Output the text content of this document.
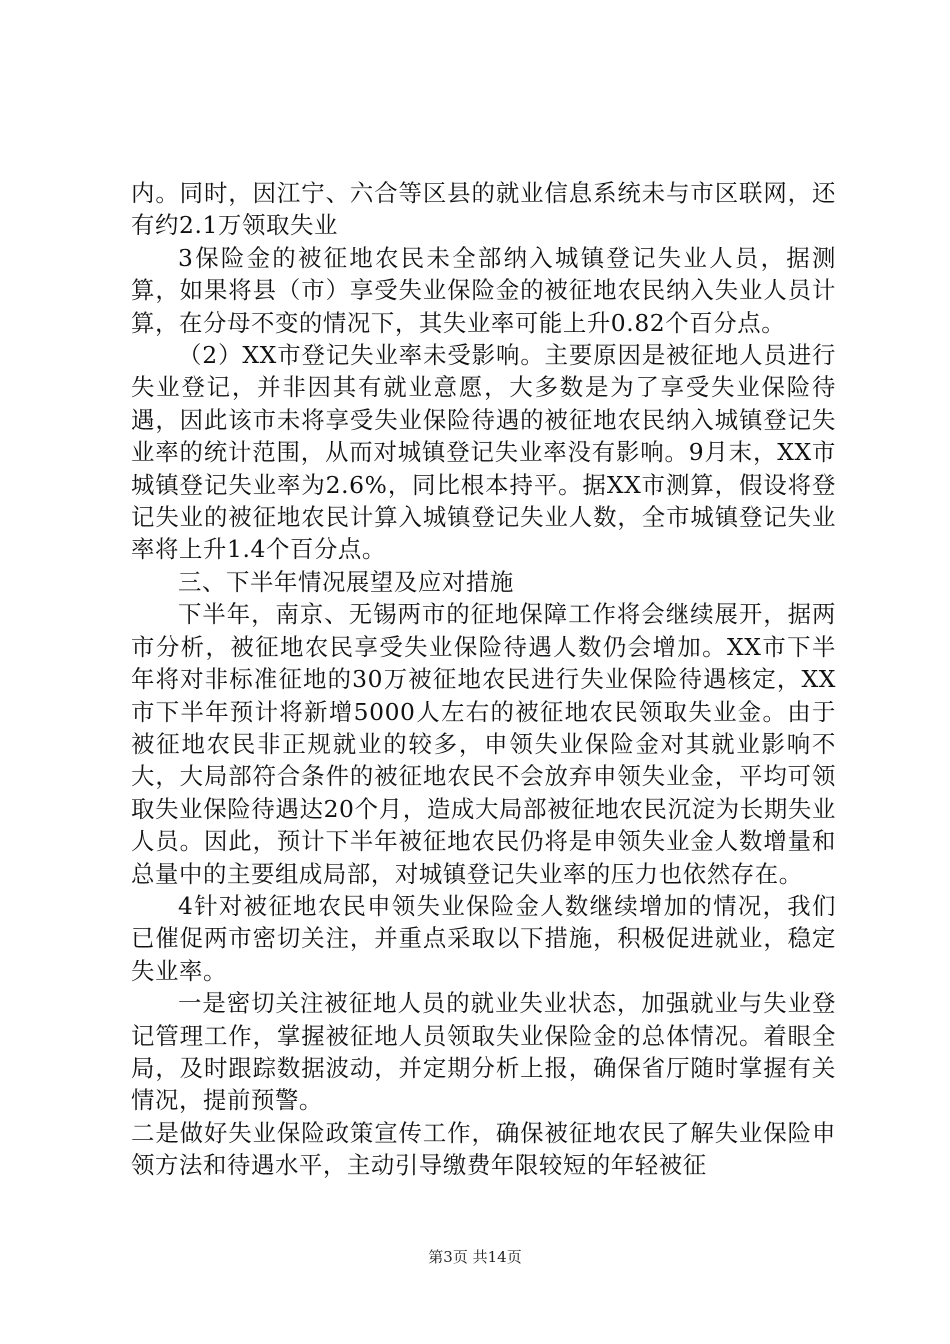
内。同时，因江宁、六合等区县的就业信息系统未与市区联网，还有约2.1万领取失业

3保险金的被征地农民未全部纳入城镇登记失业人员，据测算，如果将县（市）享受失业保险金的被征地农民纳入失业人员计算，在分母不变的情况下，其失业率可能上升0.82个百分点。

（2）XX市登记失业率未受影响。主要原因是被征地人员进行失业登记，并非因其有就业意愿，大多数是为了享受失业保险待遇，因此该市未将享受失业保险待遇的被征地农民纳入城镇登记失业率的统计范围，从而对城镇登记失业率没有影响。9月末，XX市城镇登记失业率为2.6%，同比根本持平。据XX市测算，假设将登记失业的被征地农民计算入城镇登记失业人数，全市城镇登记失业率将上升1.4个百分点。

三、下半年情况展望及应对措施

下半年，南京、无锡两市的征地保障工作将会继续展开，据两市分析，被征地农民享受失业保险待遇人数仍会增加。XX市下半年将对非标准征地的30万被征地农民进行失业保险待遇核定，XX市下半年预计将新增5000人左右的被征地农民领取失业金。由于被征地农民非正规就业的较多，申领失业保险金对其就业影响不大，大局部符合条件的被征地农民不会放弃申领失业金，平均可领取失业保险待遇达20个月，造成大局部被征地农民沉淀为长期失业人员。因此，预计下半年被征地农民仍将是申领失业金人数增量和总量中的主要组成局部，对城镇登记失业率的压力也依然存在。

4针对被征地农民申领失业保险金人数继续增加的情况，我们已催促两市密切关注，并重点采取以下措施，积极促进就业，稳定失业率。

一是密切关注被征地人员的就业失业状态，加强就业与失业登记管理工作，掌握被征地人员领取失业保险金的总体情况。着眼全局，及时跟踪数据波动，并定期分析上报，确保省厅随时掌握有关情况，提前预警。

二是做好失业保险政策宣传工作，确保被征地农民了解失业保险申领方法和待遇水平，主动引导缴费年限较短的年轻被征

第3页 共14页
